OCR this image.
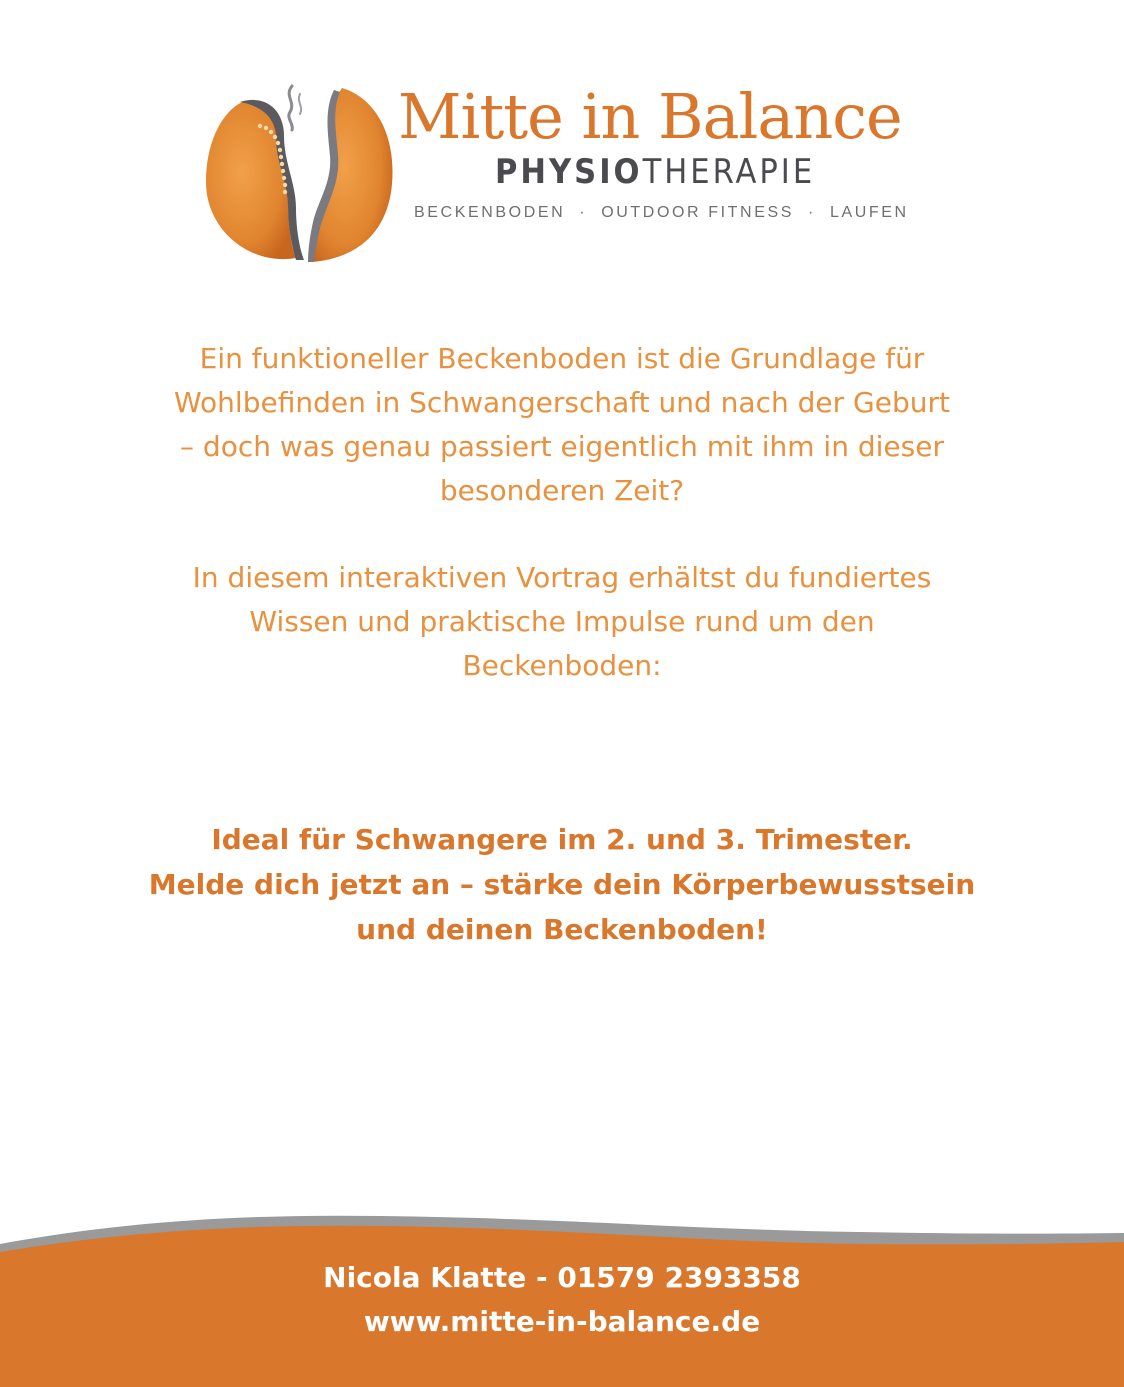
Mitte in Balance
PHYSIOTHERAPIE
BECKENBODEN · OUTDOOR FITNESS · LAUFEN
Ein funktioneller Beckenboden ist die Grundlage für
Wohlbefinden in Schwangerschaft und nach der Geburt
– doch was genau passiert eigentlich mit ihm in dieser
besonderen Zeit?
In diesem interaktiven Vortrag erhältst du fundiertes
Wissen und praktische Impulse rund um den
Beckenboden:
Ideal für Schwangere im 2. und 3. Trimester.
Melde dich jetzt an – stärke dein Körperbewusstsein
und deinen Beckenboden!
Nicola Klatte - 01579 2393358
www.mitte-in-balance.de
